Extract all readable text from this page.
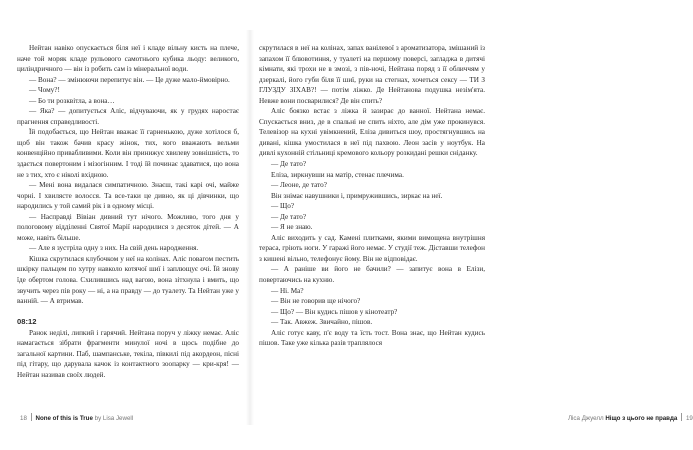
Нейтан навіко опускається біля неї і кладе вільну кисть на плече, наче той моряк кладе рульового самотнього кубика льоду: великого, циліндричного — він із робить сам із мінеральної води.

— Вона? — змінюючи перепитує він. — Це дуже мало-ймовірно.

— Чому?!

— Бо ти розквітла, а вона…

— Яка? — допитується Аліс, відчуваючи, як у грудях наростає прагнення справедливості.

Їй подобається, що Нейтан вважає її гарненькою, дуже хотілося б, щоб він також бачив красу жінок, тих, кого вважають вельми конвенційно привабливими. Коли він принижує хвилеву зовнішність, то здається повертоним і мізогінним. І тоді їй починає здаватися, що вона не з тих, хто є ніколі вхідною.

— Мені вона видалася симпатичною. Знаєш, такі карі очі, майже чорні. І хвилясте волосся. Та все-таки це дивно, як ці дівчинки, що народились у той самий рік і в одному місці.

— Насправді Вівіан дивний тут нічого. Можливо, того дня у пологовому відділенні Святої Марії народилися з десяток дітей. — А може, навіть більше.

— Але я зустріла одну з них. На свій день народження.

Кішка скрутилася клубочком у неї на колінах. Аліс повагом пестить шкірку пальцем по хутру навколо котячої шиї і заплющує очі. Їй знову їде обертом голова. Схилившись над вагою, вона зітхнула і вмить, що звучить через пів року — ні, а на правду — до туалету. Та Нейтан уже у ванній. — А втримав.

08:12

Ранок неділі, липкий і гарячий. Нейтана поруч у ліжку немає. Аліс намагається зібрати фрагменти минулої ночі в щось подібне до загальної картини. Паб, шампанське, текіла, півкилі під акордеон, пісні під гітару, що дарувала качок із контактного зоопарку — кри-кря! — Нейтан називав своїх людей.

18 None of this is True by Lisa Jewell	Ліса Джуелл Ніщо з цього не правда 19

скрутилася в неї на колінах, запах ванілевої з ароматизатора, змішаний із запахом її блювотиння, у туалеті на першому поверсі, загладжа в дитячі кімнати, які трохи не в змозі, з пів-ночі, Нейтана поряд з її обличчям у дзеркалі, його губи біля її шиї, руки на стегнах, хочеться сексу — ТИ З ГЛУЗДУ ЗІХАВ?! — потім ліжко. Де Нейтанова подушка незім'ята. Невже вони посварилися? Де він спить?

Аліс боязко встає з ліжка й зазирає до ванної. Нейтана немає. Спускається вниз, де в спальні не спить ніхто, але дім уже прокинувся. Телевізор на кухні увімкнений, Еліза дивиться шоу, простягнувшись на дивані, кішка умостилася в неї під пахвою. Леон засів у ноутбук. На дивлі кухонній стільниці кремового кольору розкидані решки сніданку.

— Де тато?

Еліза, зиркнувши на матір, стенає плечима.

— Леоне, де тато?

Він знімає навушники і, примружившись, зиркає на неї.

— Що?

— Де тато?

— Я не знаю.

Аліс виходить у сад. Камені плитками, якими вимощена внутрішня тераса, гріють ноги. У гаражі його немає. У студії теж. Діставши телефон з кишені вільно, телефонує йому. Він не відповідає.

— А раніше ви його не бачили? — запитує вона в Елізи, повертаючись на кухню.

— Ні. Ма?

— Він не говорив ще нічого?

— Що? — Він кудись пішов у кінотеатр?

— Так. Авжеж. Звичайно, пішов.

Аліс готує каву, п'є воду та їсть тост. Вона знає, що Нейтан кудись пішов. Таке уже кілька разів траплялося
